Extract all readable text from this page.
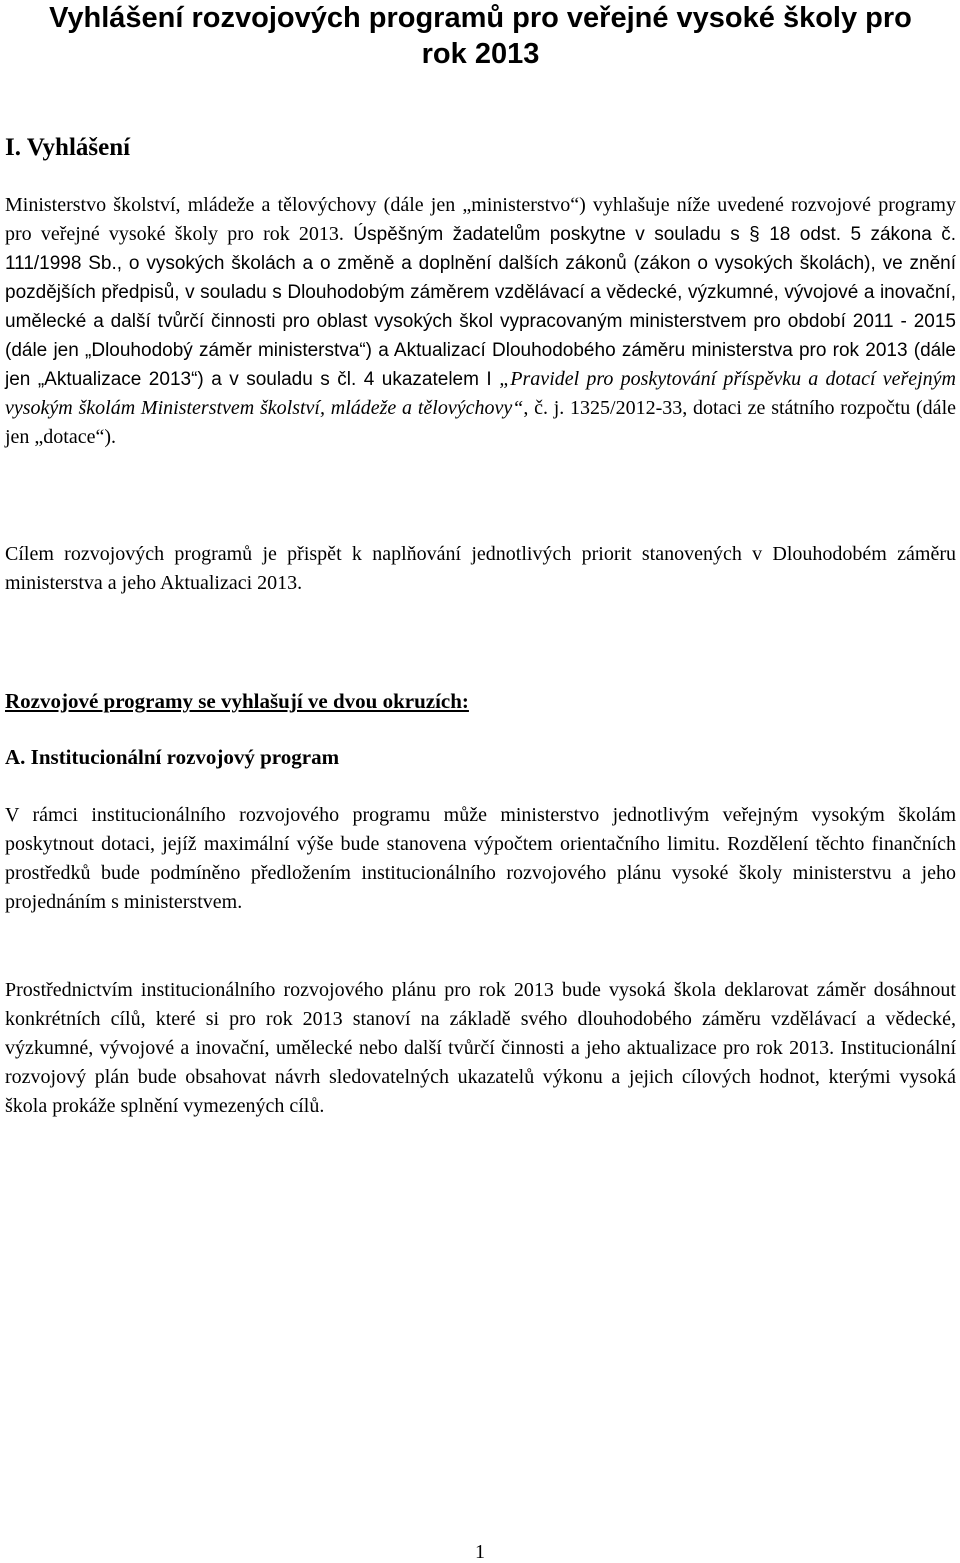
Vyhlášení rozvojových programů pro veřejné vysoké školy pro
rok 2013
I. Vyhlášení

Ministerstvo školství, mládeže a tělovýchovy (dále jen „ministerstvo“) vyhlašuje níže uvedené rozvojové programy pro veřejné vysoké školy pro rok 2013. Úspěšným žadatelům poskytne v souladu s § 18 odst. 5 zákona č. 111/1998 Sb., o vysokých školách a o změně a doplnění dalších zákonů (zákon o vysokých školách), ve znění pozdějších předpisů, v souladu s Dlouhodobým záměrem vzdělávací a vědecké, výzkumné, vývojové a inovační, umělecké a další tvůrčí činnosti pro oblast vysokých škol vypracovaným ministerstvem pro období 2011 - 2015 (dále jen „Dlouhodobý záměr ministerstva“) a Aktualizací Dlouhodobého záměru ministerstva pro rok 2013 (dále jen „Aktualizace 2013“) a v souladu s čl. 4 ukazatelem I „Pravidel pro poskytování příspěvku a dotací veřejným vysokým školám Ministerstvem školství, mládeže a tělovýchovy“, č. j. 1325/2012-33, dotaci ze státního rozpočtu (dále jen „dotace“).

Cílem rozvojových programů je přispět k naplňování jednotlivých priorit stanovených v Dlouhodobém záměru ministerstva a jeho Aktualizaci 2013.

Rozvojové programy se vyhlašují ve dvou okruzích:
A. Institucionální rozvojový program

V rámci institucionálního rozvojového programu může ministerstvo jednotlivým veřejným vysokým školám poskytnout dotaci, jejíž maximální výše bude stanovena výpočtem orientačního limitu. Rozdělení těchto finančních prostředků bude podmíněno předložením institucionálního rozvojového plánu vysoké školy ministerstvu a jeho projednáním s ministerstvem.

Prostřednictvím institucionálního rozvojového plánu pro rok 2013 bude vysoká škola deklarovat záměr dosáhnout konkrétních cílů, které si pro rok 2013 stanoví na základě svého dlouhodobého záměru vzdělávací a vědecké, výzkumné, vývojové a inovační, umělecké nebo další tvůrčí činnosti a jeho aktualizace pro rok 2013. Institucionální rozvojový plán bude obsahovat návrh sledovatelných ukazatelů výkonu a jejich cílových hodnot, kterými vysoká škola prokáže splnění vymezených cílů.

1
